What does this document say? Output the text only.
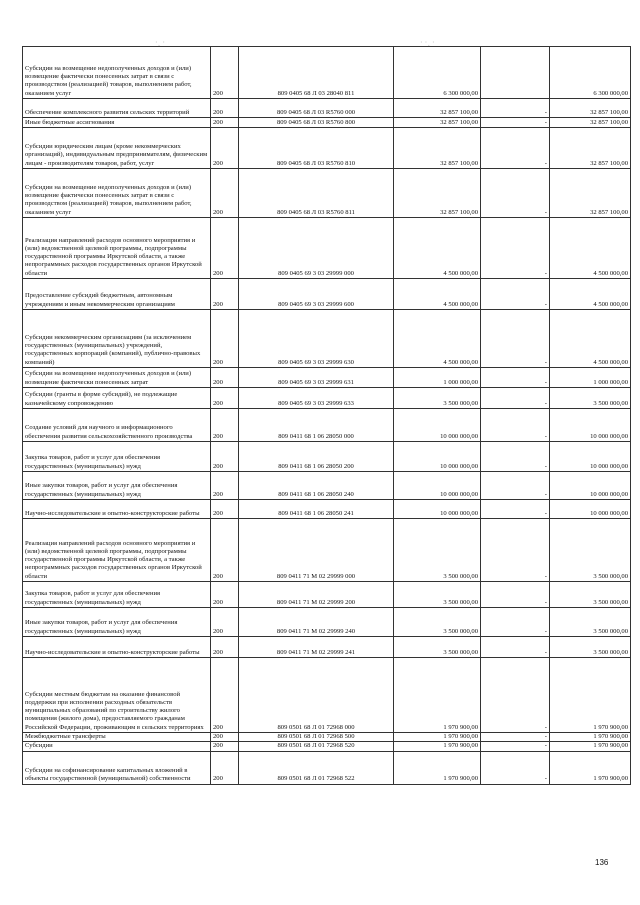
·¸ ·	· ·¸ ·
Субсидии на возмещение недополученных доходов и (или) возмещение фактически понесенных затрат в связи с производством (реализацией) товаров, выполнением работ, оказанием услуг	200	809 0405 68 Л 03 28040 811	6 300 000,00		6 300 000,00
Обеспечение комплексного развития сельских территорий	200	809 0405 68 Л 03 R5760 000	32 857 100,00	-	32 857 100,00
Иные бюджетные ассигнования	200	809 0405 68 Л 03 R5760 800	32 857 100,00	-	32 857 100,00
Субсидии юридическим лицам (кроме некоммерческих организаций), индивидуальным предпринимателям, физическим лицам - производителям товаров, работ, услуг	200	809 0405 68 Л 03 R5760 810	32 857 100,00	-	32 857 100,00
Субсидии на возмещение недополученных доходов и (или) возмещение фактически понесенных затрат в связи с производством (реализацией) товаров, выполнением работ, оказанием услуг	200	809 0405 68 Л 03 R5760 811	32 857 100,00	-	32 857 100,00
Реализация направлений расходов основного мероприятия и (или) ведомственной целевой программы, подпрограммы государственной программы Иркутской области, а также непрограммных расходов государственных органов Иркутской области	200	809 0405 69 3 03 29999 000	4 500 000,00	-	4 500 000,00
Предоставление субсидий бюджетным, автономным учреждениям и иным некоммерческим организациям	200	809 0405 69 3 03 29999 600	4 500 000,00	-	4 500 000,00
Субсидии некоммерческим организациям (за исключением государственных (муниципальных) учреждений, государственных корпораций (компаний), публично-правовых компаний)	200	809 0405 69 3 03 29999 630	4 500 000,00	-	4 500 000,00
Субсидии на возмещение недополученных доходов и (или) возмещение фактически понесенных затрат	200	809 0405 69 3 03 29999 631	1 000 000,00	-	1 000 000,00
Субсидии (гранты в форме субсидий), не подлежащие казначейскому сопровождению	200	809 0405 69 3 03 29999 633	3 500 000,00	-	3 500 000,00
Создание условий для научного и информационного обеспечения развития сельскохозяйственного производства	200	809 0411 68 1 06 28050 000	10 000 000,00	-	10 000 000,00
Закупка товаров, работ и услуг для обеспечения государственных (муниципальных) нужд	200	809 0411 68 1 06 28050 200	10 000 000,00	-	10 000 000,00
Иные закупки товаров, работ и услуг для обеспечения государственных (муниципальных) нужд	200	809 0411 68 1 06 28050 240	10 000 000,00	-	10 000 000,00
Научно-исследовательские и опытно-конструкторские работы	200	809 0411 68 1 06 28050 241	10 000 000,00	-	10 000 000,00
Реализация направлений расходов основного мероприятия и (или) ведомственной целевой программы, подпрограммы государственной программы Иркутской области, а также непрограммных расходов государственных органов Иркутской области	200	809 0411 71 М 02 29999 000	3 500 000,00	-	3 500 000,00
Закупка товаров, работ и услуг для обеспечения государственных (муниципальных) нужд	200	809 0411 71 М 02 29999 200	3 500 000,00	-	3 500 000,00
Иные закупки товаров, работ и услуг для обеспечения государственных (муниципальных) нужд	200	809 0411 71 М 02 29999 240	3 500 000,00	-	3 500 000,00
Научно-исследовательские и опытно-конструкторские работы	200	809 0411 71 М 02 29999 241	3 500 000,00	-	3 500 000,00
Субсидии местным бюджетам на оказание финансовой поддержки при исполнении расходных обязательств муниципальных образований по строительству жилого помещения (жилого дома), предоставляемого гражданам Российской Федерации, проживающим в сельских территориях	200	809 0501 68 Л 01 72968 000	1 970 900,00	-	1 970 900,00
Межбюджетные трансферты	200	809 0501 68 Л 01 72968 500	1 970 900,00	-	1 970 900,00
Субсидии	200	809 0501 68 Л 01 72968 520	1 970 900,00	-	1 970 900,00
Субсидии на софинансирование капитальных вложений в объекты государственной (муниципальной) собственности	200	809 0501 68 Л 01 72968 522	1 970 900,00	-	1 970 900,00
136
